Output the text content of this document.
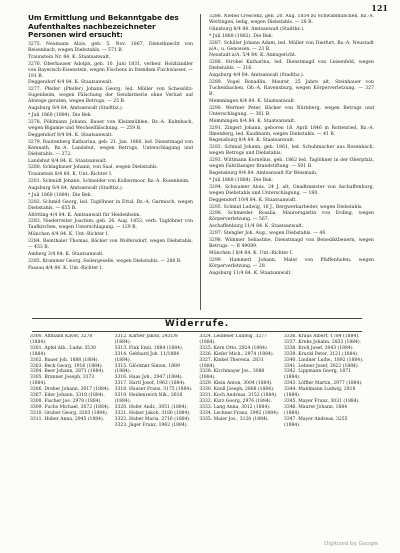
121
Um Ermittlung und Bekanntgabe des Aufenthaltes nachbezeichneter Personen wird ersucht:
3275. Neumann Alois, geb. 5. Nov. 1867, Dienstknecht von Reisenbach, wegen Diebstahls. — 571 B.
Traunstein Nr. 84. K. Staatsanwalt.
3276. Oberhauser Adolph, geb. 10. Juni 1831, verheir. Holzhändler von Bayerisch-Eisenstein, wegen Fischens in fremdem Fischwasser. — 191 B.
Deggendorf 4/4 84. K. Staatsanwalt.
3277. Pfeifer (Pfeifer) Johann Georg, led. Müller von Schesslitz-Sugenheim, wegen Fälschung der Gendarmerie ohne Verlust auf Abwege geraten, wegen Betrugs. — 25 B.
Augsburg 8/4 84. Amtsanwalt (Stadtbz.).
* Juli 1868 (1884). Die Bek.
3278. Pöhlmann Johann, Bauer von Kleinmühlen, Bz.-A. Kulmbach, wegen Bigamie und Wechselfälschung. — 259 B.
Deggendorf 8/4 84. K. Staatsanwalt.
3279. Rautenberg Katharina, geb. 21. Jan. 1866, led. Dienstmagd von Kemnath, Bz.-A. Landsbut, wegen Betrugs, Unterschlagung und Diebstahls. — 372.
Landshut 8/4 84. K. Staatsanwalt.
3280. Schlagbauer Johann, von Saal, wegen Diebstahls.
Traunstein 8/4 84. K. Unt.-Richter I.
3281. Schmidt Johann, Schneider von Kolbermoor, Bz.-A. Rosenheim.
Augsburg 6/4 84. Amtsanwalt (Stadtbz.).
* Juli 1868 (1884). Die Bek.
3282. Schmid Georg, led. Taglöhner in Ettal, Bz.-A. Garmisch, wegen Diebstahls. — 655 B.
Altötting 4/4 84. K. Amtsanwalt für Heidenheim.
3283. Niederreiter Joachim, geb. 26. Aug. 1853, verh. Taglöhner von Taufkirchen, wegen Unterschlagung. — 129 B.
München 4/4 84. K. Unt.-Richter I.
3284. Reinthaler Thomas, Bäcker von Wolfersdorf, wegen Diebstahls. — 453 B.
Amberg 3/4 84. K. Staatsanwalt.
3285. Krammer Georg, Seilergeselle, wegen Diebstahls. — 288 B.
Passau 4/4 84. K. Unt.-Richter I.
3286. Niebel Crescenz, geb. 20. Aug. 1854 zu Schwabmünchen, Bz.-A. Wertingen, ledig, wegen Diebstahls. — 28 B.
Günzburg 8/4 84. Amtsanwalt (Stadtbz.).
* Juli 1868 (1882). Die Bek.
3287. Schiller Johann Adam, led. Müller von Dietfurt, Bz.-A. Neustadt a/A., u. Genossen. — 23 B.
Neustadt a/A. 5/4 84. K. Amtsgericht.
3288. Strobel Katharina, led. Dienstmagd von Leisenfeld, wegen Diebstahls. — 316.
Augsburg 4/4 84. Amtsanwalt (Stadtbz.).
3289. Vogel Ronadlin, Maurer, 25 Jahre alt, Steinhauer von Tuchenbachen, Ob.-A. Ravensburg, wegen Körperverletzung. — 327 B.
Memmingen 8/4 84. K. Staatsanwalt.
3290. Wertner Peter, Bäcker von Nürnberg, wegen Betrugs und Unterschlagung. — 361 B.
Memmingen 8/4 84. K. Staatsanwalt.
3291. Zingerl Johann, geboren 18. April 1846 in Rottenried, Bz.-A. Ilmenberg, led. Kaufmann, wegen Diebstahls. — 41 B.
Regensburg 8/4 84. K. Staatsanwalt.
3292. Schmid Johann, geb. 1861, led. Schuhmacher aus Rosenbach, wegen Betrugs und Diebstahls.
3293. Wittmann Kornelius, geb. 1862 led. Taglöhner in der Oberpfalz, wegen Fahrlässiger Brandstiftung. — 501 B.
Regensburg 9/4 84. Amtsanwalt für Weismain.
* Juli 1868 (1884). Die Bek.
3294. Schwamer Alois, 24 J. alt, Gnadtmeister von Aschaffenburg, wegen Diebstahls und Unterschlagung. — 180.
Deggendorf 10/4 84. K. Staatsanwalt.
3295. Schmid Ludwig, 16 J., Bergwerkarbeiter, wegen Diebstahls.
3296. Schmieder Rosalia, Maurersgattin von Erding, wegen Körperverletzung. — 567.
Aschaffenburg 11/4 84. K. Staatsanwalt.
3297. Stengler Joh. Aug., wegen Diebstahls. — 40.
3298. Wimmer Sebastine, Dienstmagd von Benediktbeuern, wegen Betrugs. — II 49089.
München I 8/4 84. K. Unt.-Richter I.
3299. Hammerl Johann, Maler von Pfaffenhofen, wegen Körperverletzung. — 28.
Augsburg 11/4 84. K. Staatsanwalt.
Widerrufe.
3300. Altmann Kaver, 3278 (1884).
3301. Apfel Alb., Ludw. 3530 (1884).
3302. Bauer Joh. 1888 (1884).
3303. Beck Georg, 1916 (1884).
3304. Beer Johann, 2871 (1884).
3305. Brunner Joseph, 3173 (1884).
3306. Dreher Johann, 3017 (1884).
3307. Eder Johann, 3318 (1884).
3308. Fischer Jos. 2978 (1884).
3309. Fuchs Michael, 3072 (1884).
3310. Gruber Georg, 3203 (1884).
3311. Huber Anna, 2945 (1884).
3312. Kärber Jakob, 2431/8 (1884).
3313. Fink Emil, 1884 (1884).
3314. Gebhard Joh. 11/1884 (1884).
3315. Glöckner Simon, 1889 (1884).
3316. Haas Joh., 2947 (1884).
3317. Hartl Josef, 1963 (1884).
3318. Hauser Franz, 3175 (1884).
3319. Heidenreich Nik., 2618 (1884).
3320. Hofer Andr., 3051 (1884).
3321. Holzer Jakob, 3180 (1884).
3322. Huber Maria, 2716 (1884).
3323. Jäger Franz, 1962 (1884).
3324. Leibfeier Ludwig, 3277 (1884).
3325. Kern Otto, 2924 (1884).
3326. Kiefer Mich., 2974 (1884).
3327. Kinkel Theresia, 2831 (1884).
3328. Kirchmayer Jos., 3088 (1884).
3329. Klein Anton, 3004 (1884).
3330. Knoll Joseph, 2868 (1884).
3331. Koch Andreas, 3152 (1884).
3332. Kurz Georg, 2976 (1884).
3333. Lang Anna, 3012 (1884).
3334. Lechner Franz, 2992 (1884).
3335. Maier Jos., 3128 (1884).
3336. Kraus Albert, 1784 (1884).
3337. Krebs Johann, 2833 (1884).
3338. Kroll Josef, 3043 (1884).
3339. Kruckl Peter, 3121 (1884).
3340. Lindner Ludw., 1892 (1884).
3341. Lehner Josef, 3022 (1884).
3342. Lippmann Georg, 1871 (1884).
3343. Löffler Martin, 2977 (1884).
3344. Mahlmann Ludwig, 2918 (1884).
3345. Mayer Franz, 3031 (1884).
3346. Maurer Johann, 1884 (1884).
3347. Mayer Andreas, 3255 (1884).
Digitized by Google
